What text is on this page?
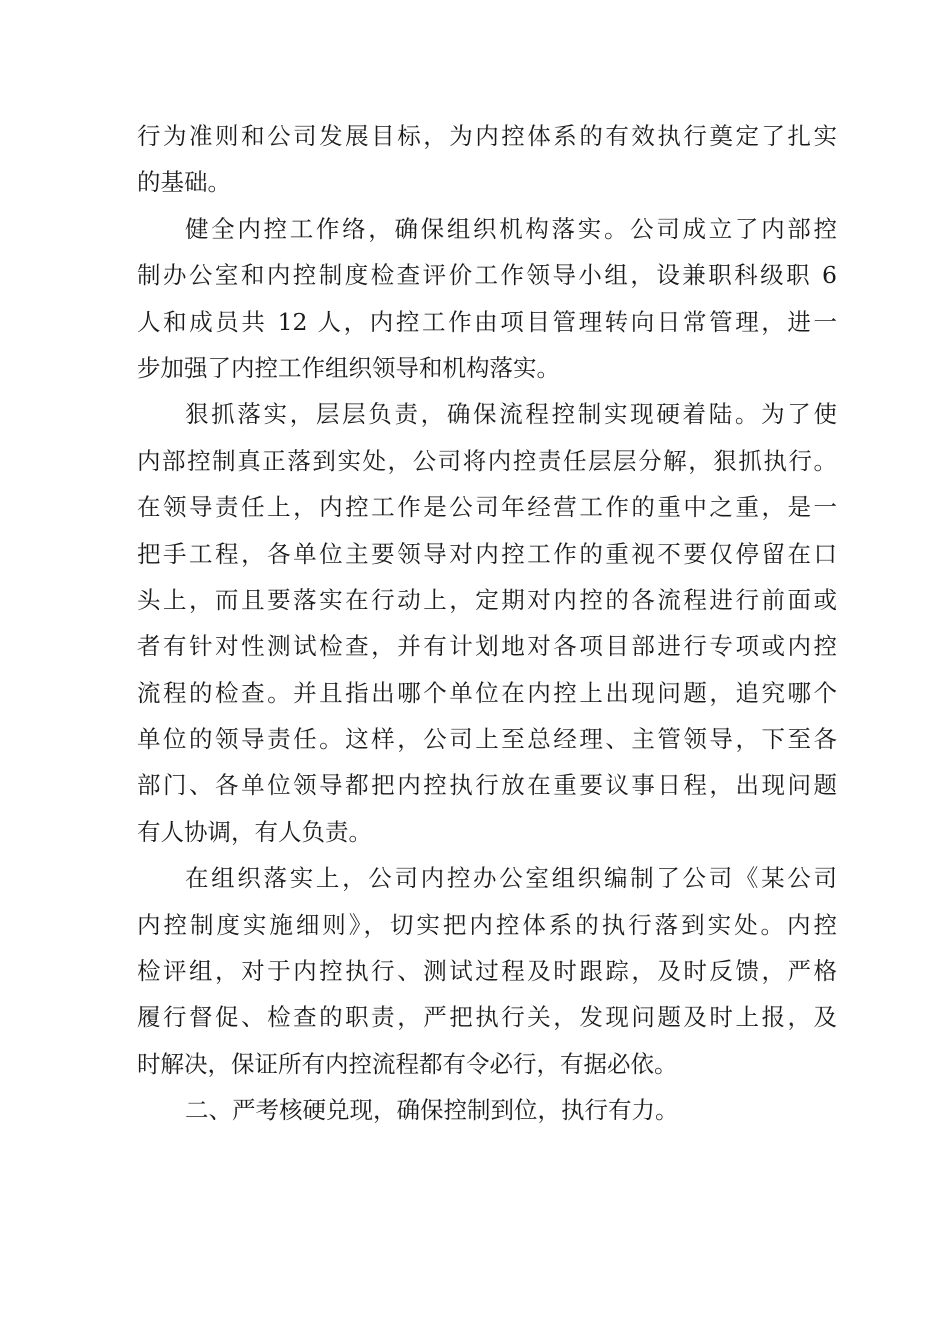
行为准则和公司发展目标，为内控体系的有效执行奠定了扎实
的基础。
健全内控工作络，确保组织机构落实。公司成立了内部控
制办公室和内控制度检查评价工作领导小组，设兼职科级职 6
人和成员共 12 人，内控工作由项目管理转向日常管理，进一
步加强了内控工作组织领导和机构落实。
狠抓落实，层层负责，确保流程控制实现硬着陆。为了使
内部控制真正落到实处，公司将内控责任层层分解，狠抓执行。
在领导责任上，内控工作是公司年经营工作的重中之重，是一
把手工程，各单位主要领导对内控工作的重视不要仅停留在口
头上，而且要落实在行动上，定期对内控的各流程进行前面或
者有针对性测试检查，并有计划地对各项目部进行专项或内控
流程的检查。并且指出哪个单位在内控上出现问题，追究哪个
单位的领导责任。这样，公司上至总经理、主管领导，下至各
部门、各单位领导都把内控执行放在重要议事日程，出现问题
有人协调，有人负责。
在组织落实上，公司内控办公室组织编制了公司《某公司
内控制度实施细则》，切实把内控体系的执行落到实处。内控
检评组，对于内控执行、测试过程及时跟踪，及时反馈，严格
履行督促、检查的职责，严把执行关，发现问题及时上报，及
时解决，保证所有内控流程都有令必行，有据必依。
二、严考核硬兑现，确保控制到位，执行有力。
